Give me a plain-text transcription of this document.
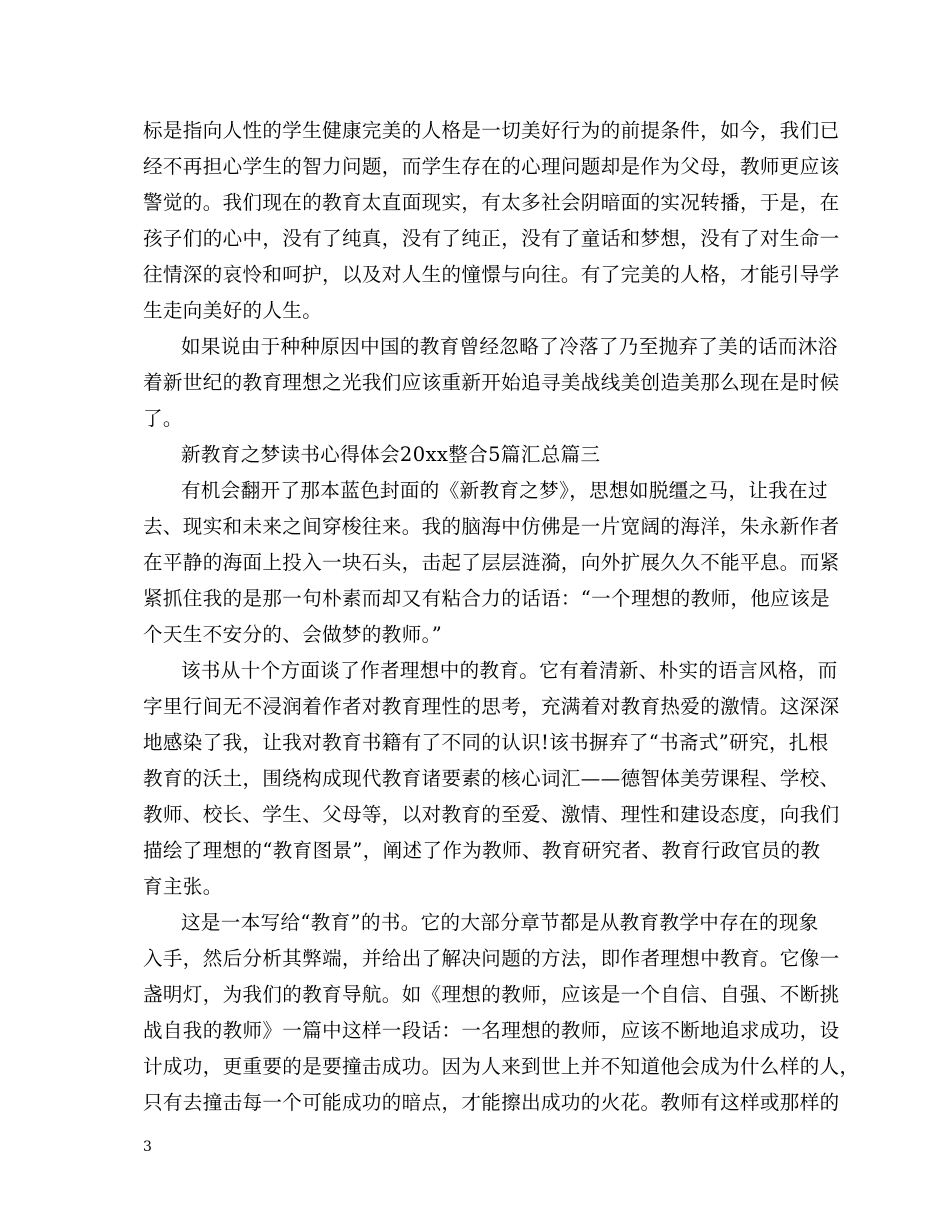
标是指向人性的学生健康完美的人格是一切美好行为的前提条件，如今，我们已
经不再担心学生的智力问题，而学生存在的心理问题却是作为父母，教师更应该
警觉的。我们现在的教育太直面现实，有太多社会阴暗面的实况转播，于是，在
孩子们的心中，没有了纯真，没有了纯正，没有了童话和梦想，没有了对生命一
往情深的哀怜和呵护，以及对人生的憧憬与向往。有了完美的人格，才能引导学
生走向美好的人生。
如果说由于种种原因中国的教育曾经忽略了冷落了乃至抛弃了美的话而沐浴
着新世纪的教育理想之光我们应该重新开始追寻美战线美创造美那么现在是时候
了。
新教育之梦读书心得体会20xx整合5篇汇总篇三
有机会翻开了那本蓝色封面的《新教育之梦》，思想如脱缰之马，让我在过
去、现实和未来之间穿梭往来。我的脑海中仿佛是一片宽阔的海洋，朱永新作者
在平静的海面上投入一块石头，击起了层层涟漪，向外扩展久久不能平息。而紧
紧抓住我的是那一句朴素而却又有粘合力的话语：“一个理想的教师，他应该是
个天生不安分的、会做梦的教师。”
该书从十个方面谈了作者理想中的教育。它有着清新、朴实的语言风格，而
字里行间无不浸润着作者对教育理性的思考，充满着对教育热爱的激情。这深深
地感染了我，让我对教育书籍有了不同的认识!该书摒弃了“书斋式”研究，扎根
教育的沃土，围绕构成现代教育诸要素的核心词汇——德智体美劳课程、学校、
教师、校长、学生、父母等，以对教育的至爱、激情、理性和建设态度，向我们
描绘了理想的“教育图景”，阐述了作为教师、教育研究者、教育行政官员的教
育主张。
这是一本写给“教育”的书。它的大部分章节都是从教育教学中存在的现象
入手，然后分析其弊端，并给出了解决问题的方法，即作者理想中教育。它像一
盏明灯，为我们的教育导航。如《理想的教师，应该是一个自信、自强、不断挑
战自我的教师》一篇中这样一段话：一名理想的教师，应该不断地追求成功，设
计成功，更重要的是要撞击成功。因为人来到世上并不知道他会成为什么样的人，
只有去撞击每一个可能成功的暗点，才能擦出成功的火花。教师有这样或那样的
3
